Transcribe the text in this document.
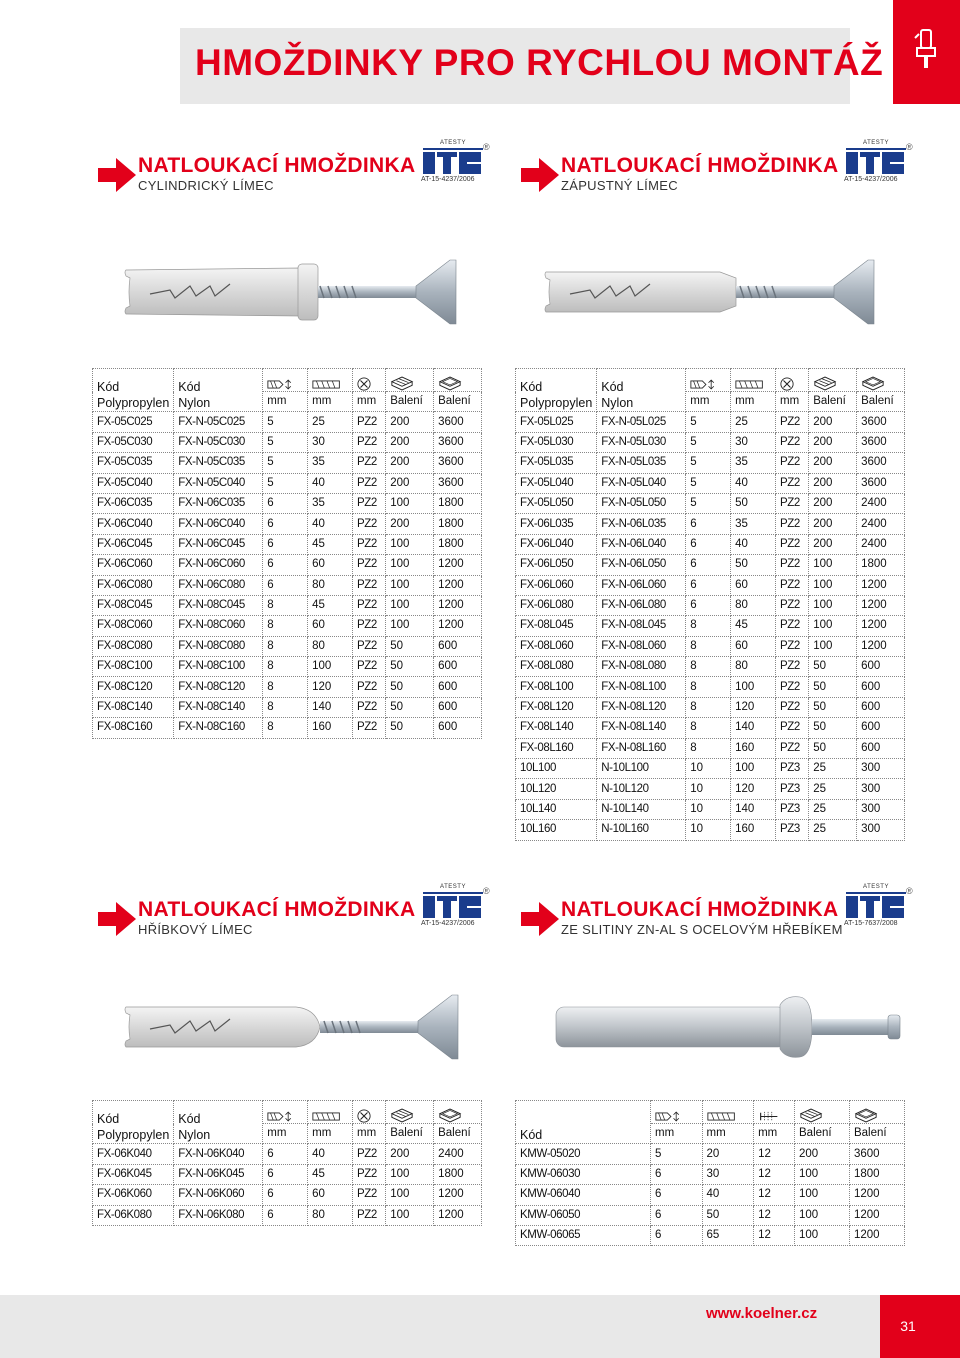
HMOŽDINKY PRO RYCHLOU MONTÁŽ
NATLOUKACÍ HMOŽDINKA
CYLINDRICKÝ LÍMEC
ATESTY	®
AT-15-4237/2006
NATLOUKACÍ HMOŽDINKA
ZÁPUSTNÝ LÍMEC
ATESTY	®
AT-15-4237/2006
Kód
Polypropylen	Kód
Nylon

		mm	mm	mm	Balení	Balení
FX-05C025	FX-N-05C025	5	25	PZ2	200	3600
FX-05C030	FX-N-05C030	5	30	PZ2	200	3600
FX-05C035	FX-N-05C035	5	35	PZ2	200	3600
FX-05C040	FX-N-05C040	5	40	PZ2	200	3600
FX-06C035	FX-N-06C035	6	35	PZ2	100	1800
FX-06C040	FX-N-06C040	6	40	PZ2	200	1800
FX-06C045	FX-N-06C045	6	45	PZ2	100	1800
FX-06C060	FX-N-06C060	6	60	PZ2	100	1200
FX-06C080	FX-N-06C080	6	80	PZ2	100	1200
FX-08C045	FX-N-08C045	8	45	PZ2	100	1200
FX-08C060	FX-N-08C060	8	60	PZ2	100	1200
FX-08C080	FX-N-08C080	8	80	PZ2	50	600
FX-08C100	FX-N-08C100	8	100	PZ2	50	600
FX-08C120	FX-N-08C120	8	120	PZ2	50	600
FX-08C140	FX-N-08C140	8	140	PZ2	50	600
FX-08C160	FX-N-08C160	8	160	PZ2	50	600
Kód
Polypropylen	Kód
Nylon

		mm	mm	mm	Balení	Balení
FX-05L025	FX-N-05L025	5	25	PZ2	200	3600
FX-05L030	FX-N-05L030	5	30	PZ2	200	3600
FX-05L035	FX-N-05L035	5	35	PZ2	200	3600
FX-05L040	FX-N-05L040	5	40	PZ2	200	3600
FX-05L050	FX-N-05L050	5	50	PZ2	200	2400
FX-06L035	FX-N-06L035	6	35	PZ2	200	2400
FX-06L040	FX-N-06L040	6	40	PZ2	200	2400
FX-06L050	FX-N-06L050	6	50	PZ2	100	1800
FX-06L060	FX-N-06L060	6	60	PZ2	100	1200
FX-06L080	FX-N-06L080	6	80	PZ2	100	1200
FX-08L045	FX-N-08L045	8	45	PZ2	100	1200
FX-08L060	FX-N-08L060	8	60	PZ2	100	1200
FX-08L080	FX-N-08L080	8	80	PZ2	50	600
FX-08L100	FX-N-08L100	8	100	PZ2	50	600
FX-08L120	FX-N-08L120	8	120	PZ2	50	600
FX-08L140	FX-N-08L140	8	140	PZ2	50	600
FX-08L160	FX-N-08L160	8	160	PZ2	50	600
10L100	N-10L100	10	100	PZ3	25	300
10L120	N-10L120	10	120	PZ3	25	300
10L140	N-10L140	10	140	PZ3	25	300
10L160	N-10L160	10	160	PZ3	25	300
NATLOUKACÍ HMOŽDINKA
HŘÍBKOVÝ LÍMEC
ATESTY	®
AT-15-4237/2006
NATLOUKACÍ HMOŽDINKA
ZE SLITINY ZN-AL S OCELOVÝM HŘEBÍKEM
ATESTY	®
AT-15-7637/2008
Kód
Polypropylen	Kód
Nylon

		mm	mm	mm	Balení	Balení
FX-06K040	FX-N-06K040	6	40	PZ2	200	2400
FX-06K045	FX-N-06K045	6	45	PZ2	100	1800
FX-06K060	FX-N-06K060	6	60	PZ2	100	1200
FX-06K080	FX-N-06K080	6	80	PZ2	100	1200
Kód

	mm	mm	mm	Balení	Balení
KMW-05020	5	20	12	200	3600
KMW-06030	6	30	12	100	1800
KMW-06040	6	40	12	100	1200
KMW-06050	6	50	12	100	1200
KMW-06065	6	65	12	100	1200
www.koelner.cz
31
